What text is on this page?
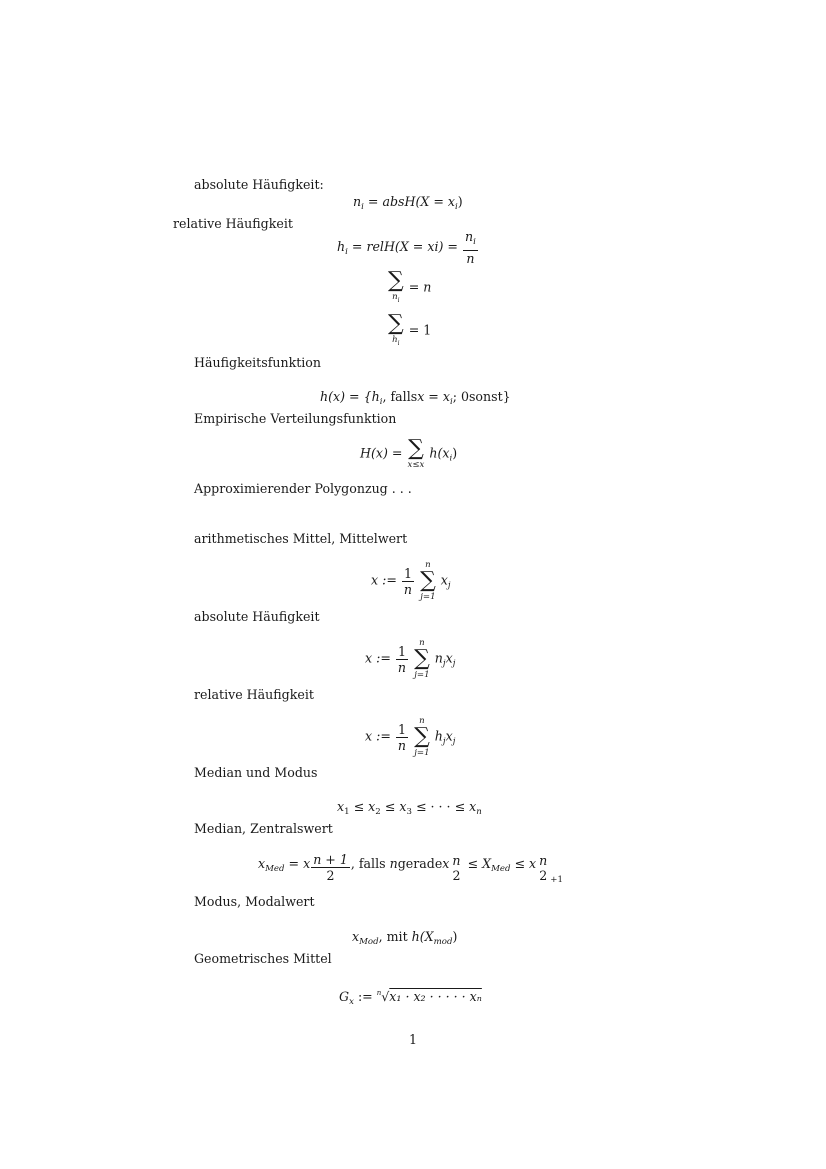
absolute Häufigkeit:
$n_i$ = absH(X = $x_i$)
relative Häufigkeit
$h_i$ = relH(X = $xi) = \frac{n_i}{n}$
∑
$n_i$
= n
∑
$h_i$
= 1
Häufigkeitsfunktion
$h(x) = \{h_i$, fallsx = $x_i$; 0sonst}
Empirische Verteilungsfunktion
H(x) = ∑
x≤x
$h(x_i)$
Approximierender Polygonzug . . .
arithmetisches Mittel, Mittelwert
x := $\frac{1}{n}$

n
∑
j=1
$x_j$
absolute Häufigkeit
x := $\frac{1}{n}$

n
∑
j=1
$n_jx_j$
relative Häufigkeit
x := $\frac{1}{n}$

n
∑
j=1
$h_jx_j$
Median und Modus
$x_1 \le x_2 \le x_3$ ≤ · · · ≤ $x_n$
Median, Zentralswert
$x_{Med} = x \frac{n + 1}{2}$ , falls ngeradex n
2
≤ $X_{Med} \le x$ n
2 $_{+1}$
Modus, Modalwert
$x_{Mod}$, mit $h(X_{mod})$
Geometrisches Mittel
$G_x$ := $^n$√x₁ · x₂ · · · · · xₙ
1
